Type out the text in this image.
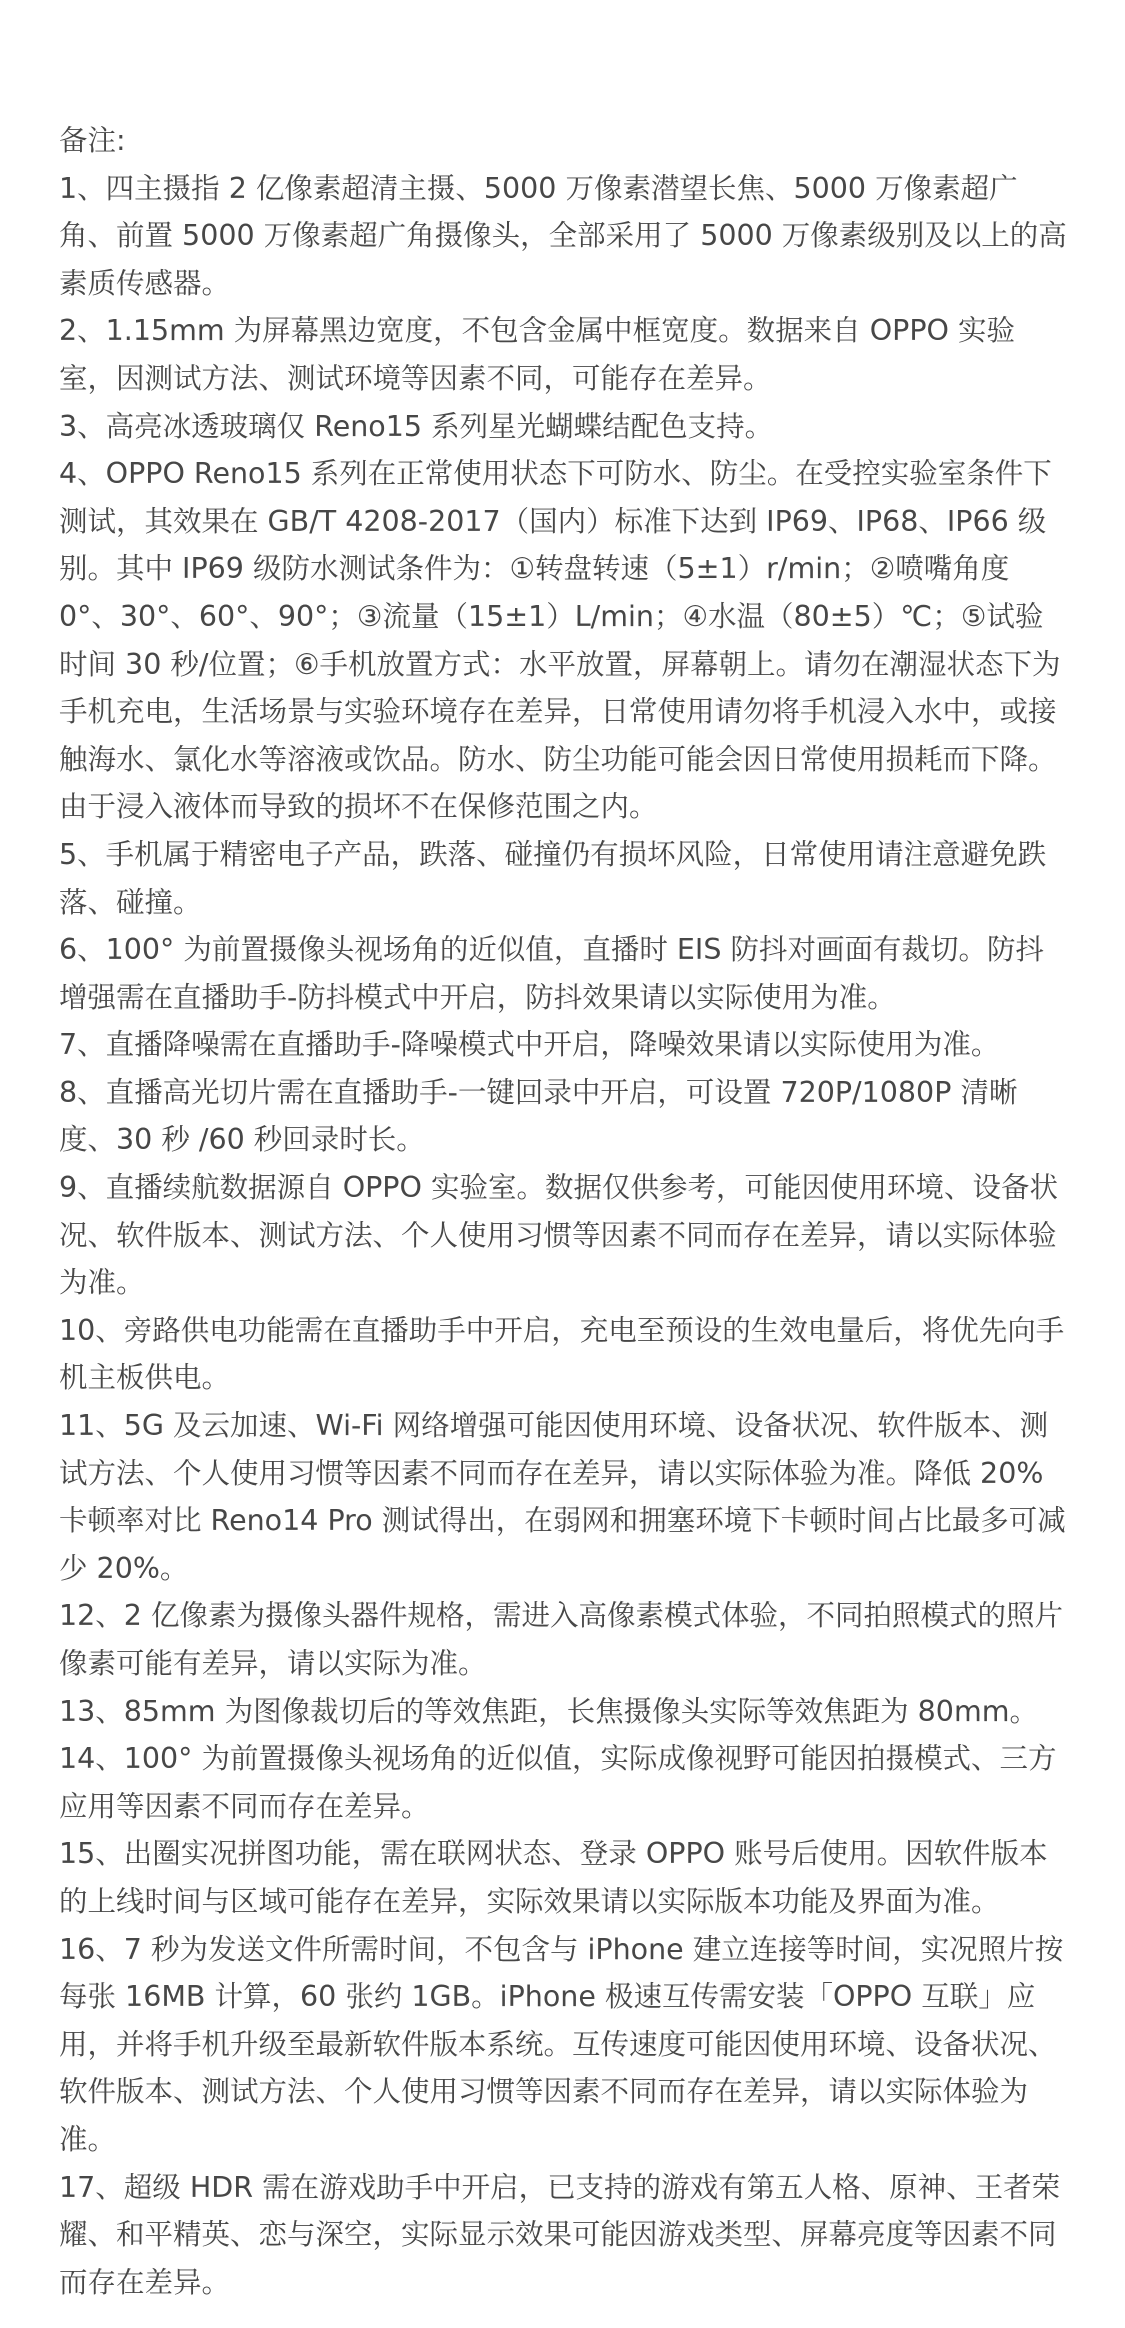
备注:

1、四主摄指 2 亿像素超清主摄、5000 万像素潜望长焦、5000 万像素超广角、前置 5000 万像素超广角摄像头，全部采用了 5000 万像素级别及以上的高素质传感器。
2、1.15mm 为屏幕黑边宽度，不包含金属中框宽度。数据来自 OPPO 实验室，因测试方法、测试环境等因素不同，可能存在差异。
3、高亮冰透玻璃仅 Reno15 系列星光蝴蝶结配色支持。
4、OPPO Reno15 系列在正常使用状态下可防水、防尘。在受控实验室条件下测试，其效果在 GB/T 4208-2017（国内）标准下达到 IP69、IP68、IP66 级别。其中 IP69 级防水测试条件为：①转盘转速（5±1）r/min；②喷嘴角度 0°、30°、60°、90°；③流量（15±1）L/min；④水温（80±5）℃；⑤试验时间 30 秒/位置；⑥手机放置方式：水平放置，屏幕朝上。请勿在潮湿状态下为手机充电，生活场景与实验环境存在差异，日常使用请勿将手机浸入水中，或接触海水、氯化水等溶液或饮品。防水、防尘功能可能会因日常使用损耗而下降。由于浸入液体而导致的损坏不在保修范围之内。
5、手机属于精密电子产品，跌落、碰撞仍有损坏风险，日常使用请注意避免跌落、碰撞。
6、100° 为前置摄像头视场角的近似值，直播时 EIS 防抖对画面有裁切。防抖增强需在直播助手-防抖模式中开启，防抖效果请以实际使用为准。
7、直播降噪需在直播助手-降噪模式中开启，降噪效果请以实际使用为准。
8、直播高光切片需在直播助手-一键回录中开启，可设置 720P/1080P 清晰度、30 秒 /60 秒回录时长。
9、直播续航数据源自 OPPO 实验室。数据仅供参考，可能因使用环境、设备状况、软件版本、测试方法、个人使用习惯等因素不同而存在差异，请以实际体验为准。
10、旁路供电功能需在直播助手中开启，充电至预设的生效电量后，将优先向手机主板供电。
11、5G 及云加速、Wi-Fi 网络增强可能因使用环境、设备状况、软件版本、测试方法、个人使用习惯等因素不同而存在差异，请以实际体验为准。降低 20% 卡顿率对比 Reno14 Pro 测试得出，在弱网和拥塞环境下卡顿时间占比最多可减少 20%。
12、2 亿像素为摄像头器件规格，需进入高像素模式体验，不同拍照模式的照片像素可能有差异，请以实际为准。
13、85mm 为图像裁切后的等效焦距，长焦摄像头实际等效焦距为 80mm。
14、100° 为前置摄像头视场角的近似值，实际成像视野可能因拍摄模式、三方应用等因素不同而存在差异。
15、出圈实况拼图功能，需在联网状态、登录 OPPO 账号后使用。因软件版本的上线时间与区域可能存在差异，实际效果请以实际版本功能及界面为准。
16、7 秒为发送文件所需时间，不包含与 iPhone 建立连接等时间，实况照片按每张 16MB 计算，60 张约 1GB。iPhone 极速互传需安装「OPPO 互联」应用，并将手机升级至最新软件版本系统。互传速度可能因使用环境、设备状况、软件版本、测试方法、个人使用习惯等因素不同而存在差异，请以实际体验为准。
17、超级 HDR 需在游戏助手中开启，已支持的游戏有第五人格、原神、王者荣耀、和平精英、恋与深空，实际显示效果可能因游戏类型、屏幕亮度等因素不同而存在差异。
